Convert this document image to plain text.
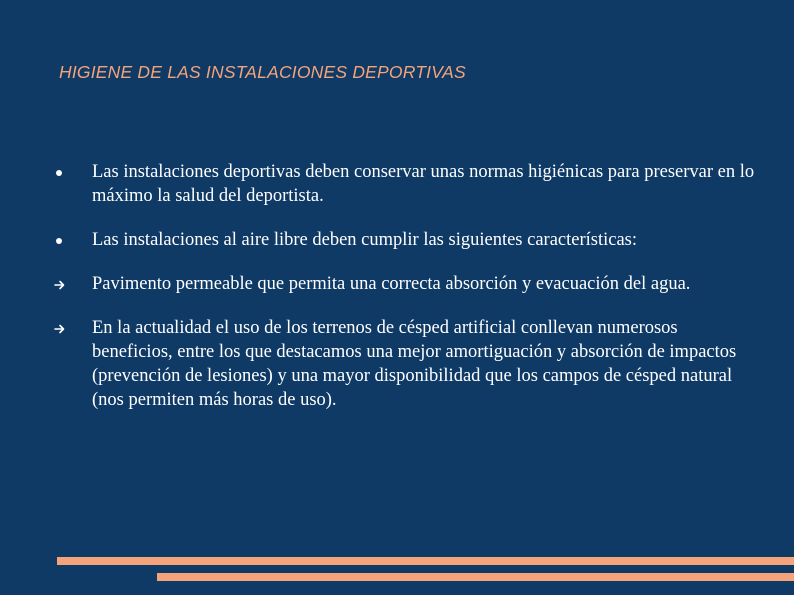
HIGIENE DE LAS INSTALACIONES DEPORTIVAS
Las instalaciones deportivas deben conservar unas normas higiénicas para preservar en lo máximo la salud del deportista.
Las instalaciones al aire libre deben cumplir las siguientes características:
Pavimento permeable que permita una correcta absorción y evacuación del agua.
En la actualidad el uso de los terrenos de césped artificial conllevan numerosos beneficios, entre los que destacamos una mejor amortiguación y absorción de impactos (prevención de lesiones) y una mayor disponibilidad que los campos de césped natural (nos permiten más horas de uso).
